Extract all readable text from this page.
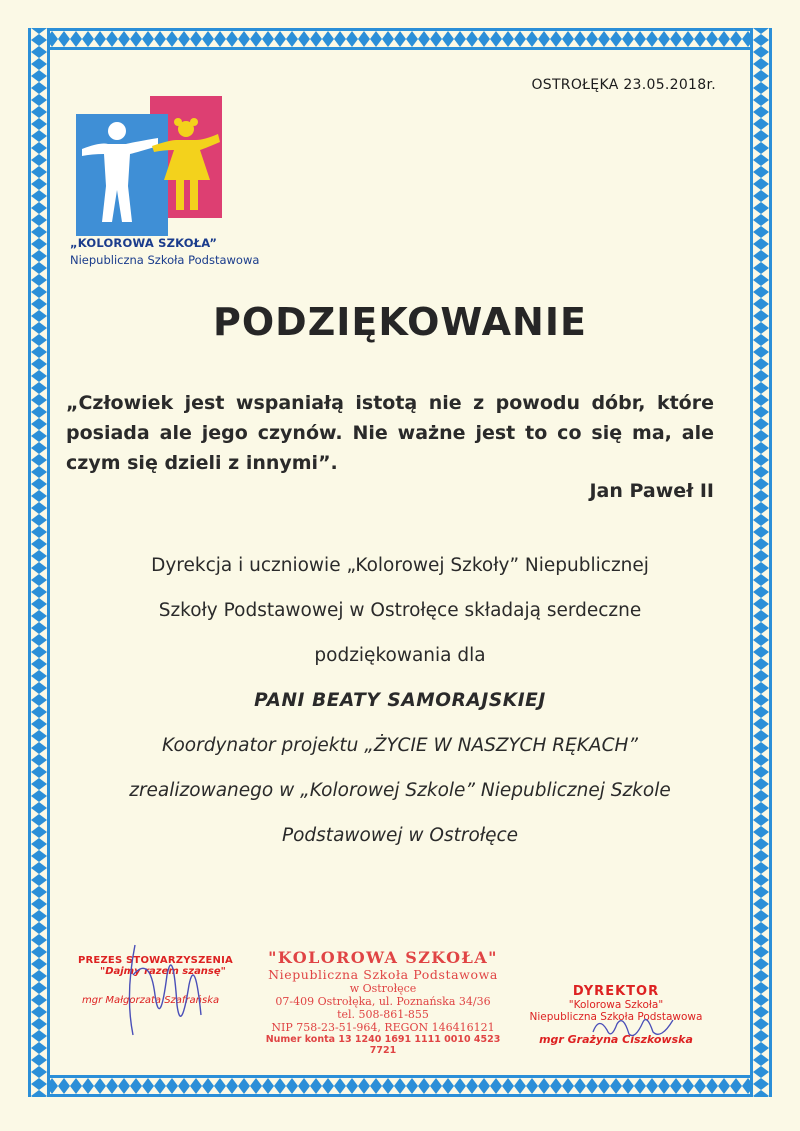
OSTROŁĘKA 23.05.2018r.
„KOLOROWA SZKOŁA”
Niepubliczna Szkoła Podstawowa
PODZIĘKOWANIE
„Człowiek jest wspaniałą istotą nie z powodu dóbr, które posiada ale jego czynów. Nie ważne jest to co się ma, ale czym się dzieli z innymi”.
Jan Paweł II
Dyrekcja i uczniowie „Kolorowej Szkoły” Niepublicznej
Szkoły Podstawowej w Ostrołęce składają serdeczne
podziękowania dla
PANI BEATY SAMORAJSKIEJ
Koordynator projektu „ŻYCIE W NASZYCH RĘKACH”
zrealizowanego w „Kolorowej Szkole” Niepublicznej Szkole
Podstawowej w Ostrołęce
PREZES STOWARZYSZENIA
"Dajmy razem szansę"
mgr Małgorzata Szafrańska
"KOLOROWA SZKOŁA"
Niepubliczna Szkoła Podstawowa
w Ostrołęce
07-409 Ostrołęka, ul. Poznańska 34/36
tel. 508-861-855
NIP 758-23-51-964, REGON 146416121
Numer konta 13 1240 1691 1111 0010 4523 7721
DYREKTOR
"Kolorowa Szkoła"
Niepubliczna Szkoła Podstawowa
mgr Grażyna Ciszkowska
